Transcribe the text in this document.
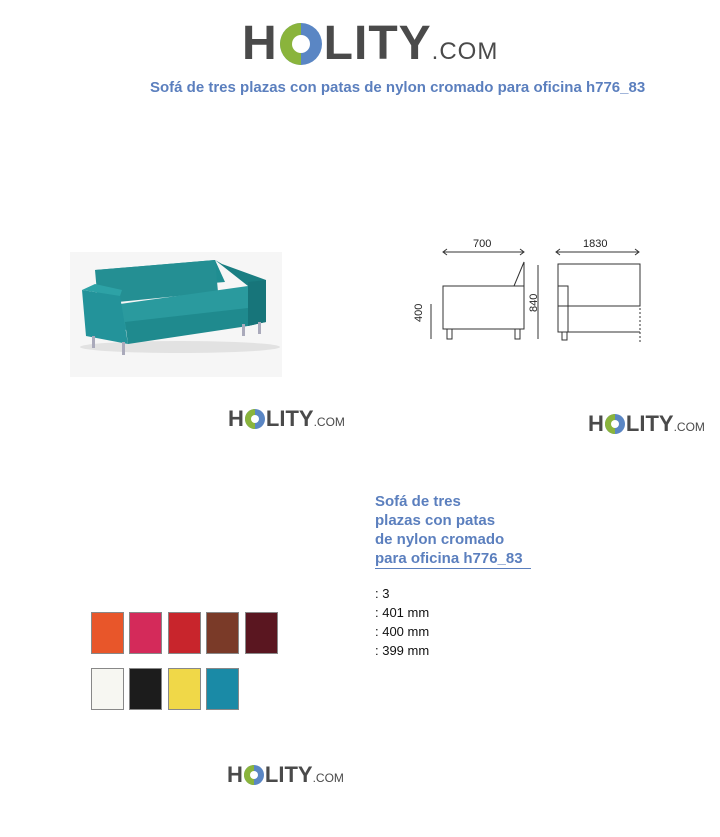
H LITY .COM
Sofá de tres plazas con patas de nylon cromado para oficina h776_83
700	1830
400
840
H LITY .COM	H LITY .COM
Sofá de tres
plazas con patas
de nylon cromado
para oficina h776_83
: 3
: 401 mm
: 400 mm
: 399 mm
H LITY .COM
